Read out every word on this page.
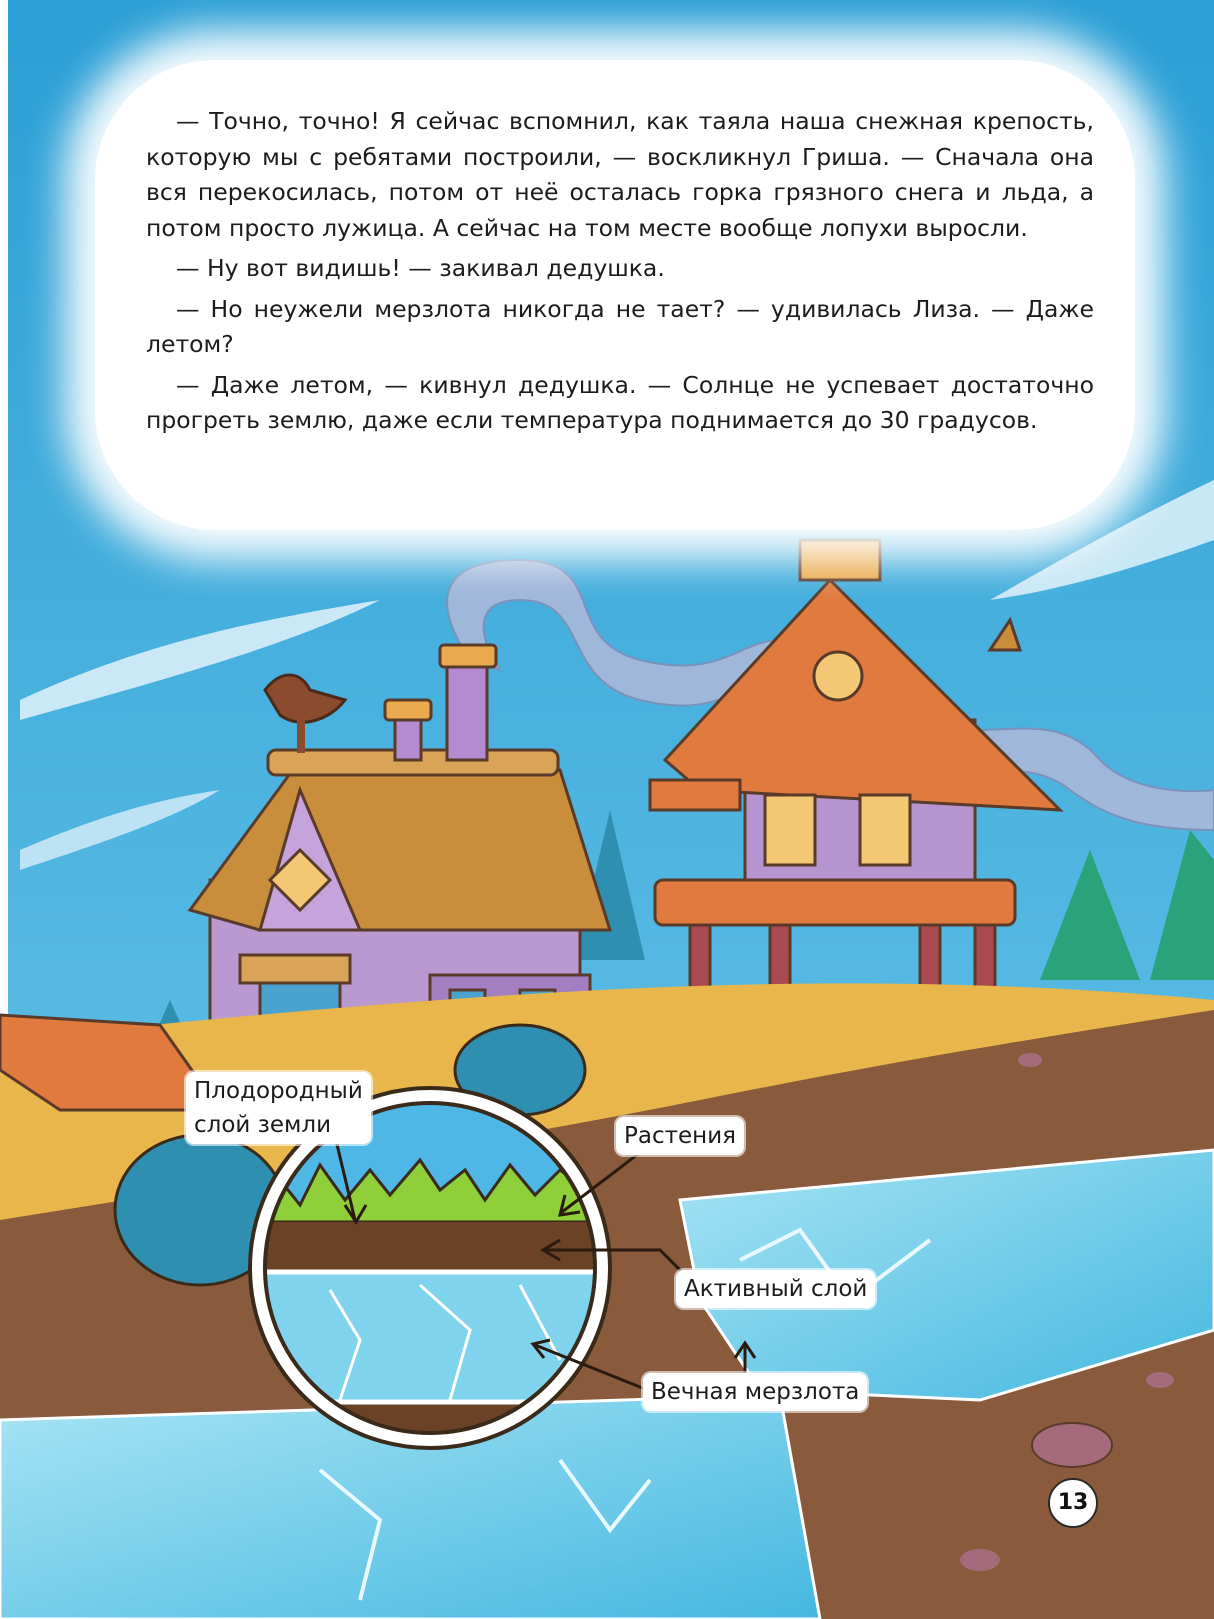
— Точно, точно! Я сейчас вспомнил, как таяла наша снежная крепость, которую мы с ребятами построили, — воскликнул Гриша. — Сначала она вся перекосилась, потом от неё осталась горка грязного снега и льда, а потом просто лужица. А сейчас на том месте вообще лопухи выросли.

— Ну вот видишь! — закивал дедушка.

— Но неужели мерзлота никогда не тает? — удивилась Лиза. — Даже летом?

— Даже летом, — кивнул дедушка. — Солнце не успевает достаточно прогреть землю, даже если температура поднимается до 30 градусов.

Плодородный
слой земли	Растения
Активный слой
Вечная мерзлота
13
